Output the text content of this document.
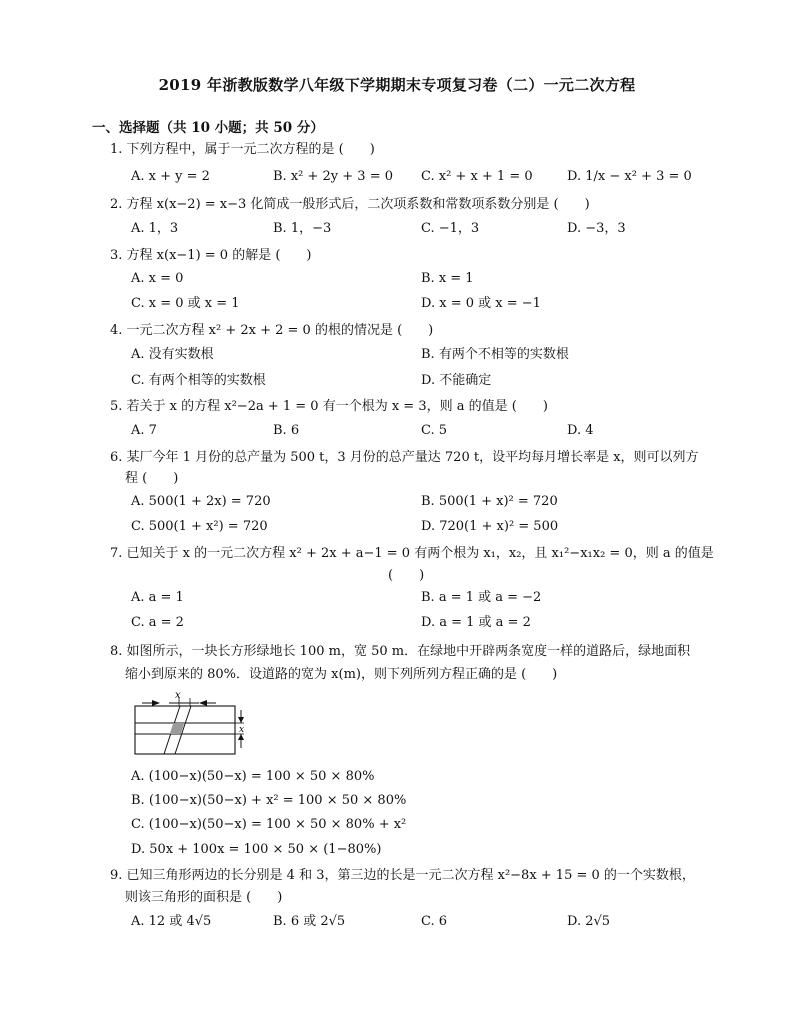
2019 年浙教版数学八年级下学期期末专项复习卷（二）一元二次方程
一、选择题（共 10 小题；共 50 分）
1. 下列方程中，属于一元二次方程的是 (　　)
A. x + y = 2	B. x² + 2y + 3 = 0 C. x² + x + 1 = 0	D. 1/x − x² + 3 = 0
2. 方程 x(x−2) = x−3 化简成一般形式后，二次项系数和常数项系数分别是 (　　)
A. 1，3	B. 1，−3	C. −1，3	D. −3，3
3. 方程 x(x−1) = 0 的解是 (　　)
A. x = 0	B. x = 1
C. x = 0 或 x = 1	D. x = 0 或 x = −1
4. 一元二次方程 x² + 2x + 2 = 0 的根的情况是 (　　)
A. 没有实数根	B. 有两个不相等的实数根
C. 有两个相等的实数根	D. 不能确定
5. 若关于 x 的方程 x²−2a + 1 = 0 有一个根为 x = 3，则 a 的值是 (　　)
A. 7	B. 6	C. 5	D. 4
6. 某厂今年 1 月份的总产量为 500 t，3 月份的总产量达 720 t，设平均每月增长率是 x，则可以列方
程 (　　)
A. 500(1 + 2x) = 720	B. 500(1 + x)² = 720
C. 500(1 + x²) = 720	D. 720(1 + x)² = 500
7. 已知关于 x 的一元二次方程 x² + 2x + a−1 = 0 有两个根为 x₁，x₂，且 x₁²−x₁x₂ = 0，则 a 的值是
(　　)
A. a = 1	B. a = 1 或 a = −2
C. a = 2	D. a = 1 或 a = 2
8. 如图所示，一块长方形绿地长 100 m，宽 50 m．在绿地中开辟两条宽度一样的道路后，绿地面积
缩小到原来的 80%．设道路的宽为 x(m)，则下列所列方程正确的是 (　　)
x
x
A. (100−x)(50−x) = 100 × 50 × 80%
B. (100−x)(50−x) + x² = 100 × 50 × 80%
C. (100−x)(50−x) = 100 × 50 × 80% + x²
D. 50x + 100x = 100 × 50 × (1−80%)
9. 已知三角形两边的长分别是 4 和 3，第三边的长是一元二次方程 x²−8x + 15 = 0 的一个实数根，
则该三角形的面积是 (　　)
A. 12 或 4√5	B. 6 或 2√5	C. 6	D. 2√5
